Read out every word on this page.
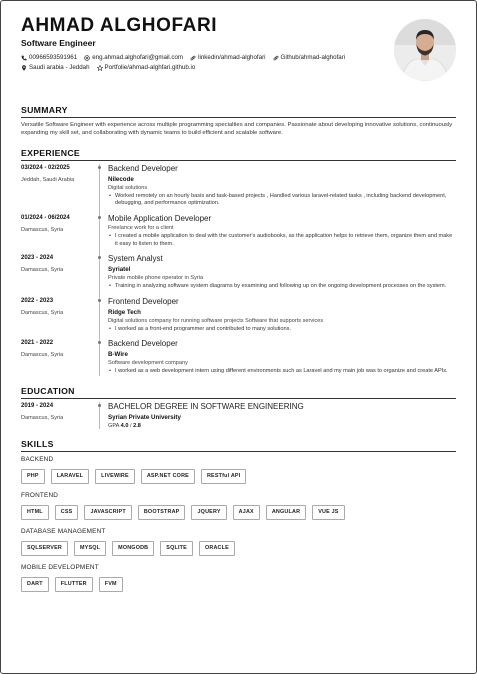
AHMAD ALGHOFARI
Software Engineer
00966593591961 eng.ahmad.alghofari@gmail.com linkedin/ahmad-alghofari Github/ahmad-alghofari
Saudi arabia - Jeddah Portfolie/ahmad-alghfari.github.io
SUMMARY
Versatile Software Engineer with experience across multiple programming specialties and companies. Passionate about developing innovative solutions, continuously expanding my skill set, and collaborating with dynamic teams to build efficient and scalable software.
EXPERIENCE
03/2024 - 02/2025
Jeddah, Saudi Arabia
Backend Developer
Nilecode
Digital solutions
• Worked remotely on an hourly basis and task-based projects , Handled various laravel-related tasks , including backend development, debugging, and performance optimization.
01/2024 - 06/2024
Damascus, Syria
Mobile Application Developer
Freelance work for a client
• I created a mobile application to deal with the customer's audiobooks, as the application helps to retrieve them, organize them and make it easy to listen to them.
2023 - 2024
Damascus, Syria
System Analyst
Syriatel
Private mobile phone operator in Syria
• Training in analyzing software system diagrams by examining and following up on the ongoing development processes on the system.
2022 - 2023
Damascus, Syria
Frontend Developer
Ridge Tech
Digital solutions company for running software projects Software that supports services
• I worked as a front-end programmer and contributed to many solutions.
2021 - 2022
Damascus, Syria
Backend Developer
B-Wire
Software development company
• I worked as a web development intern using different environments such as Laravel and my main job was to organize and create APIs.
EDUCATION
2019 - 2024
Damascus, Syria
BACHELOR DEGREE IN SOFTWARE ENGINEERING
Syrian Private University
GPA 4.0 / 2.8
SKILLS
BACKEND
PHP	LARAVEL	LIVEWIRE	ASP.NET CORE	RESTful API
FRONTEND
HTML	CSS	JAVASCRIPT	BOOTSTRAP	JQUERY	AJAX	ANGULAR	VUE JS
DATABASE MANAGEMENT
SQLSERVER	MYSQL	MONGODB	SQLITE	ORACLE
MOBILE DEVELOPMENT
DART	FLUTTER	FVM
